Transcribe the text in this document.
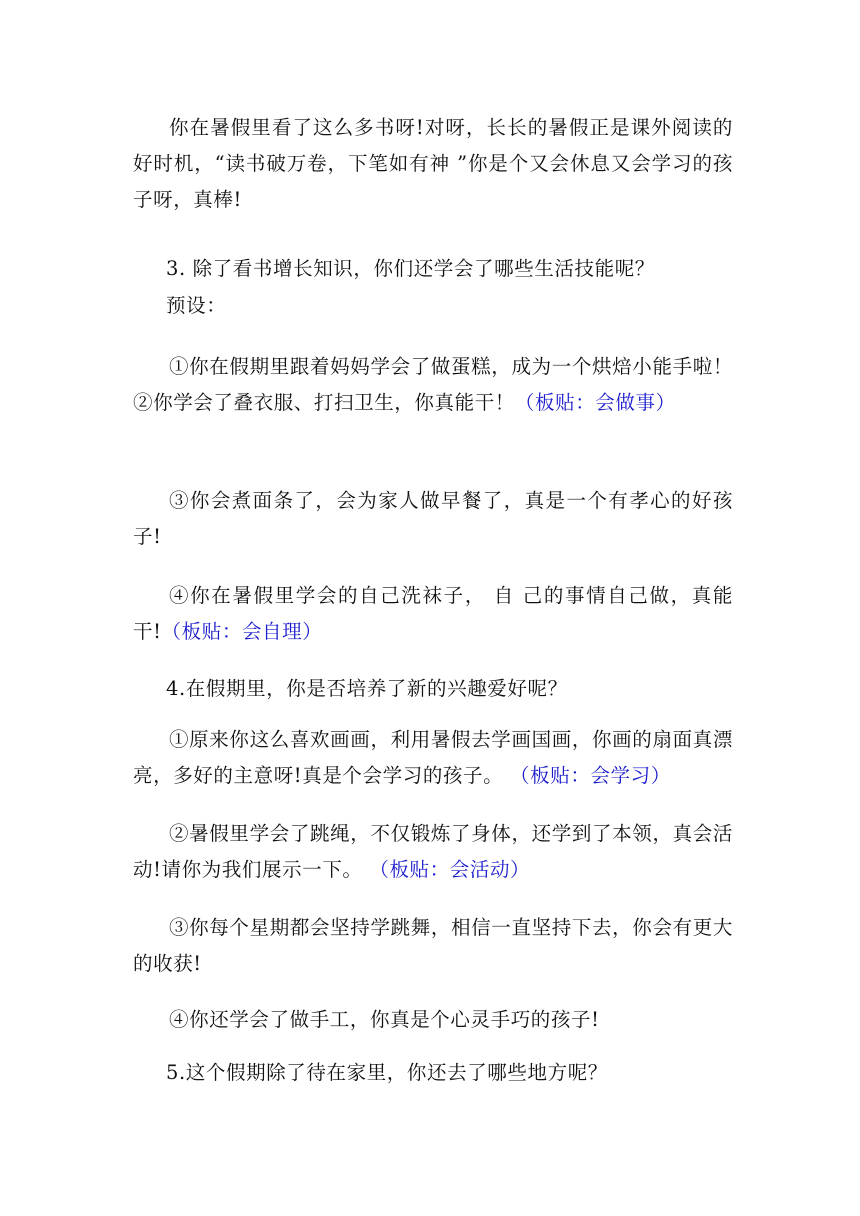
你在暑假里看了这么多书呀!对呀，长长的暑假正是课外阅读的好时机，“读书破万卷，下笔如有神 ”你是个又会休息又会学习的孩子呀，真棒!

3. 除了看书增长知识，你们还学会了哪些生活技能呢？

预设：

①你在假期里跟着妈妈学会了做蛋糕，成为一个烘焙小能手啦！②你学会了叠衣服、打扫卫生，你真能干！（板贴：会做事）

③你会煮面条了，会为家人做早餐了，真是一个有孝心的好孩子!

④你在暑假里学会的自己洗袜子， 自 己的事情自己做，真能干!（板贴：会自理）

4.在假期里，你是否培养了新的兴趣爱好呢？

①原来你这么喜欢画画，利用暑假去学画国画，你画的扇面真漂亮，多好的主意呀!真是个会学习的孩子。 （板贴：会学习）

②暑假里学会了跳绳，不仅锻炼了身体，还学到了本领，真会活动!请你为我们展示一下。 （板贴：会活动）

③你每个星期都会坚持学跳舞，相信一直坚持下去，你会有更大的收获!

④你还学会了做手工，你真是个心灵手巧的孩子!

5.这个假期除了待在家里，你还去了哪些地方呢？
